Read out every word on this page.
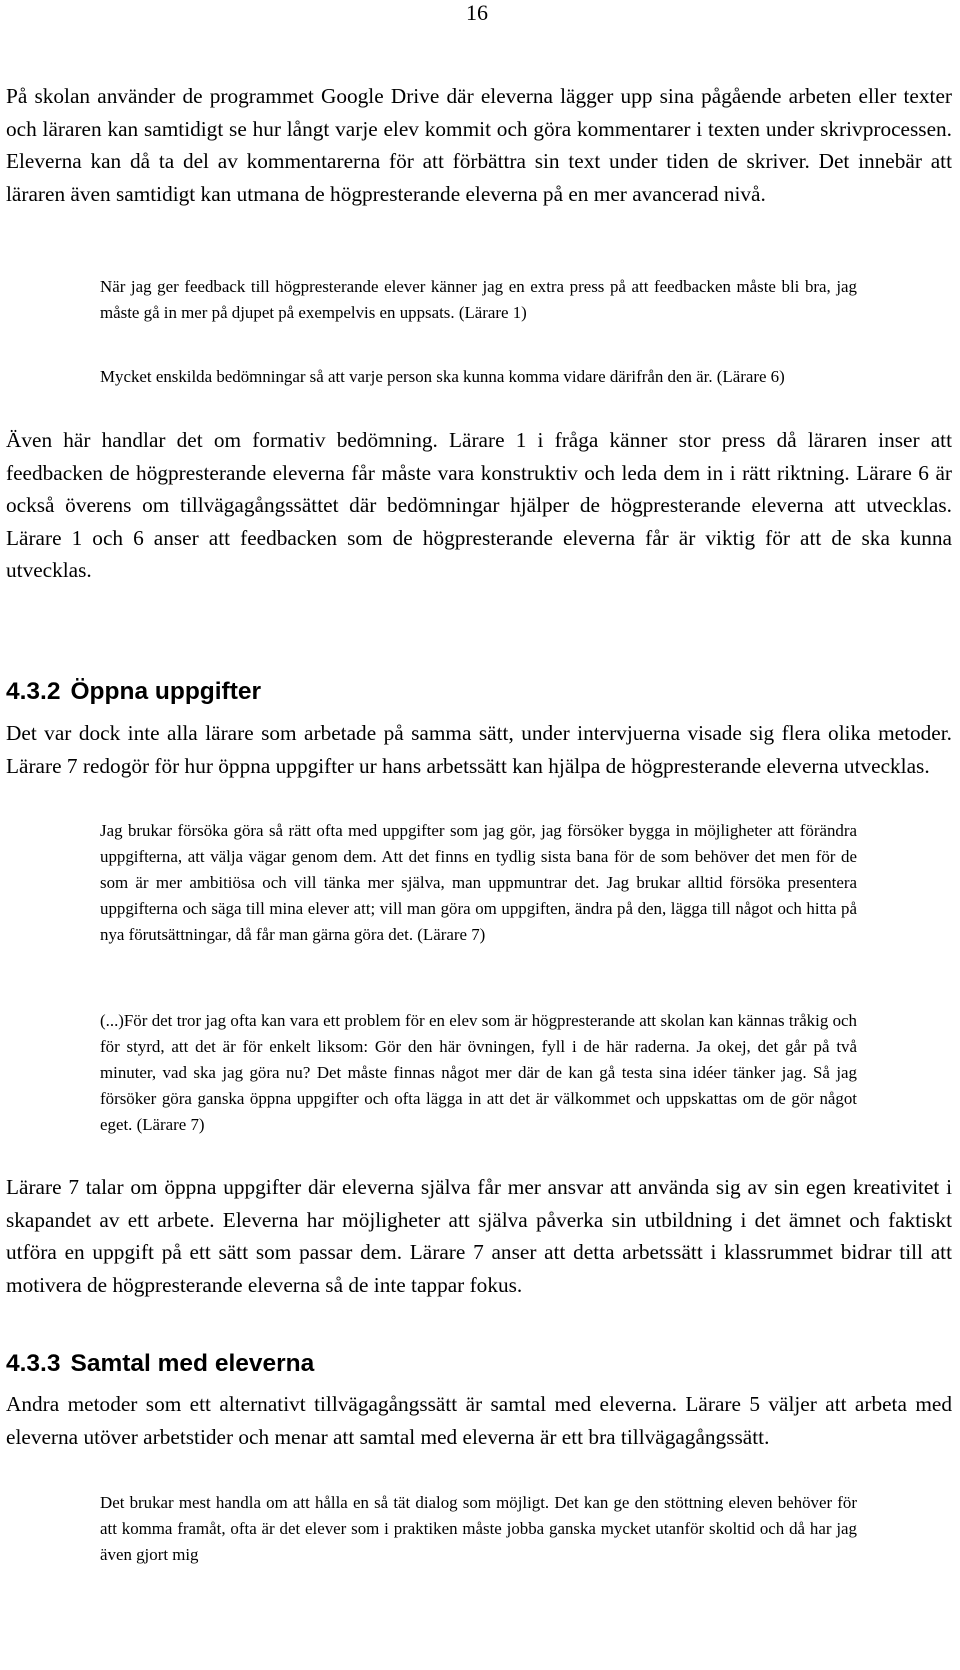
16

På skolan använder de programmet Google Drive där eleverna lägger upp sina pågående arbeten eller texter och läraren kan samtidigt se hur långt varje elev kommit och göra kommentarer i texten under skrivprocessen. Eleverna kan då ta del av kommentarerna för att förbättra sin text under tiden de skriver. Det innebär att läraren även samtidigt kan utmana de högpresterande eleverna på en mer avancerad nivå.

När jag ger feedback till högpresterande elever känner jag en extra press på att feedbacken måste bli bra, jag måste gå in mer på djupet på exempelvis en uppsats. (Lärare 1)

Mycket enskilda bedömningar så att varje person ska kunna komma vidare därifrån den är. (Lärare 6)

Även här handlar det om formativ bedömning. Lärare 1 i fråga känner stor press då läraren inser att feedbacken de högpresterande eleverna får måste vara konstruktiv och leda dem in i rätt riktning. Lärare 6 är också överens om tillvägagångssättet där bedömningar hjälper de högpresterande eleverna att utvecklas. Lärare 1 och 6 anser att feedbacken som de högpresterande eleverna får är viktig för att de ska kunna utvecklas.

4.3.2 Öppna uppgifter

Det var dock inte alla lärare som arbetade på samma sätt, under intervjuerna visade sig flera olika metoder. Lärare 7 redogör för hur öppna uppgifter ur hans arbetssätt kan hjälpa de högpresterande eleverna utvecklas.

Jag brukar försöka göra så rätt ofta med uppgifter som jag gör, jag försöker bygga in möjligheter att förändra uppgifterna, att välja vägar genom dem. Att det finns en tydlig sista bana för de som behöver det men för de som är mer ambitiösa och vill tänka mer själva, man uppmuntrar det. Jag brukar alltid försöka presentera uppgifterna och säga till mina elever att; vill man göra om uppgiften, ändra på den, lägga till något och hitta på nya förutsättningar, då får man gärna göra det. (Lärare 7)

(...)För det tror jag ofta kan vara ett problem för en elev som är högpresterande att skolan kan kännas tråkig och för styrd, att det är för enkelt liksom: Gör den här övningen, fyll i de här raderna. Ja okej, det går på två minuter, vad ska jag göra nu? Det måste finnas något mer där de kan gå testa sina idéer tänker jag. Så jag försöker göra ganska öppna uppgifter och ofta lägga in att det är välkommet och uppskattas om de gör något eget. (Lärare 7)

Lärare 7 talar om öppna uppgifter där eleverna själva får mer ansvar att använda sig av sin egen kreativitet i skapandet av ett arbete. Eleverna har möjligheter att själva påverka sin utbildning i det ämnet och faktiskt utföra en uppgift på ett sätt som passar dem. Lärare 7 anser att detta arbetssätt i klassrummet bidrar till att motivera de högpresterande eleverna så de inte tappar fokus.

4.3.3 Samtal med eleverna

Andra metoder som ett alternativt tillvägagångssätt är samtal med eleverna. Lärare 5 väljer att arbeta med eleverna utöver arbetstider och menar att samtal med eleverna är ett bra tillvägagångssätt.

Det brukar mest handla om att hålla en så tät dialog som möjligt. Det kan ge den stöttning eleven behöver för att komma framåt, ofta är det elever som i praktiken måste jobba ganska mycket utanför skoltid och då har jag även gjort mig
